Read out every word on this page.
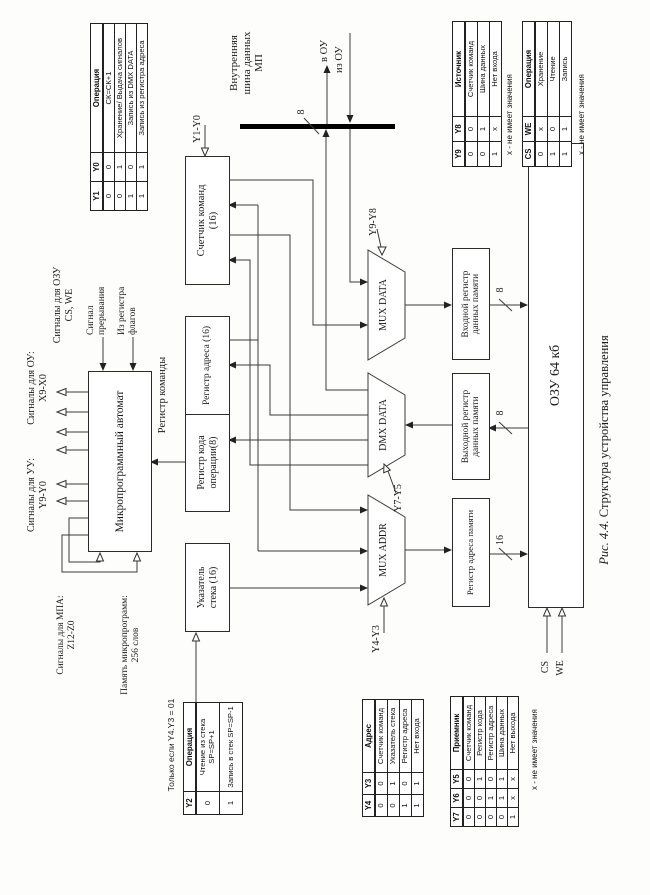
Микропрограммный автомат
Указатель стека (16)
Регистр кода операции(8)
Регистр адреса (16)
Счетчик команд (16)
Регистр команды
MUX ADDR
DMX DATA
MUX DATA
Регистр адреса памяти
Выходной регистр данных памяти
Входной регистр данных памяти
ОЗУ 64 кб
Внутренняя шина данных МП
8
в ОУ из ОУ
Сигналы для УУ: Y9-Y0
Сигналы для ОУ: X9-X0
Сигналы для ОЗУ CS, WE Сигнал прерывания Из регистра флагов
Сигналы для МПА: Z12-Z0	Память микропрограмм: 256 слов
Y1-Y0
Y9-Y8
Y7-Y5
Y4-Y3
CS WE
8
8
16
Y1	Y0	Операция
0	0	СК=СК+1
0	1	Хранение/ Выдача сигналов
1	0	Запись из DMX DATA
1	1	Запись из регистра адреса
Только если Y4.Y3 = 01
Y2	Операция
0	Чтение из стека SP=SP+1
1	Запись в стек SP=SP-1
Y4	Y3	Адрес
0	0	Счетчик команд
0	1	Указатель стека
1	0	Регистр адреса
1	1	Нет входа
Y7	Y6	Y5	Приемник
0	0	0	Счетчик команд
0	0	1	Регистр кода
0	1	0	Регистр адреса
0	1	1	Шина данных
1	х	х	Нет выхода х - не имеет значения
Y9	Y8	Источник
0	0	Счетчик команд
0	1	Шина данных
1	х	Нет входа
х - не имеет значения CS	WE	Операция
0	х	Хранение
1	0	Чтение
1	1	Запись
х - не имеет значения
Рис. 4.4. Структура устройства управления
